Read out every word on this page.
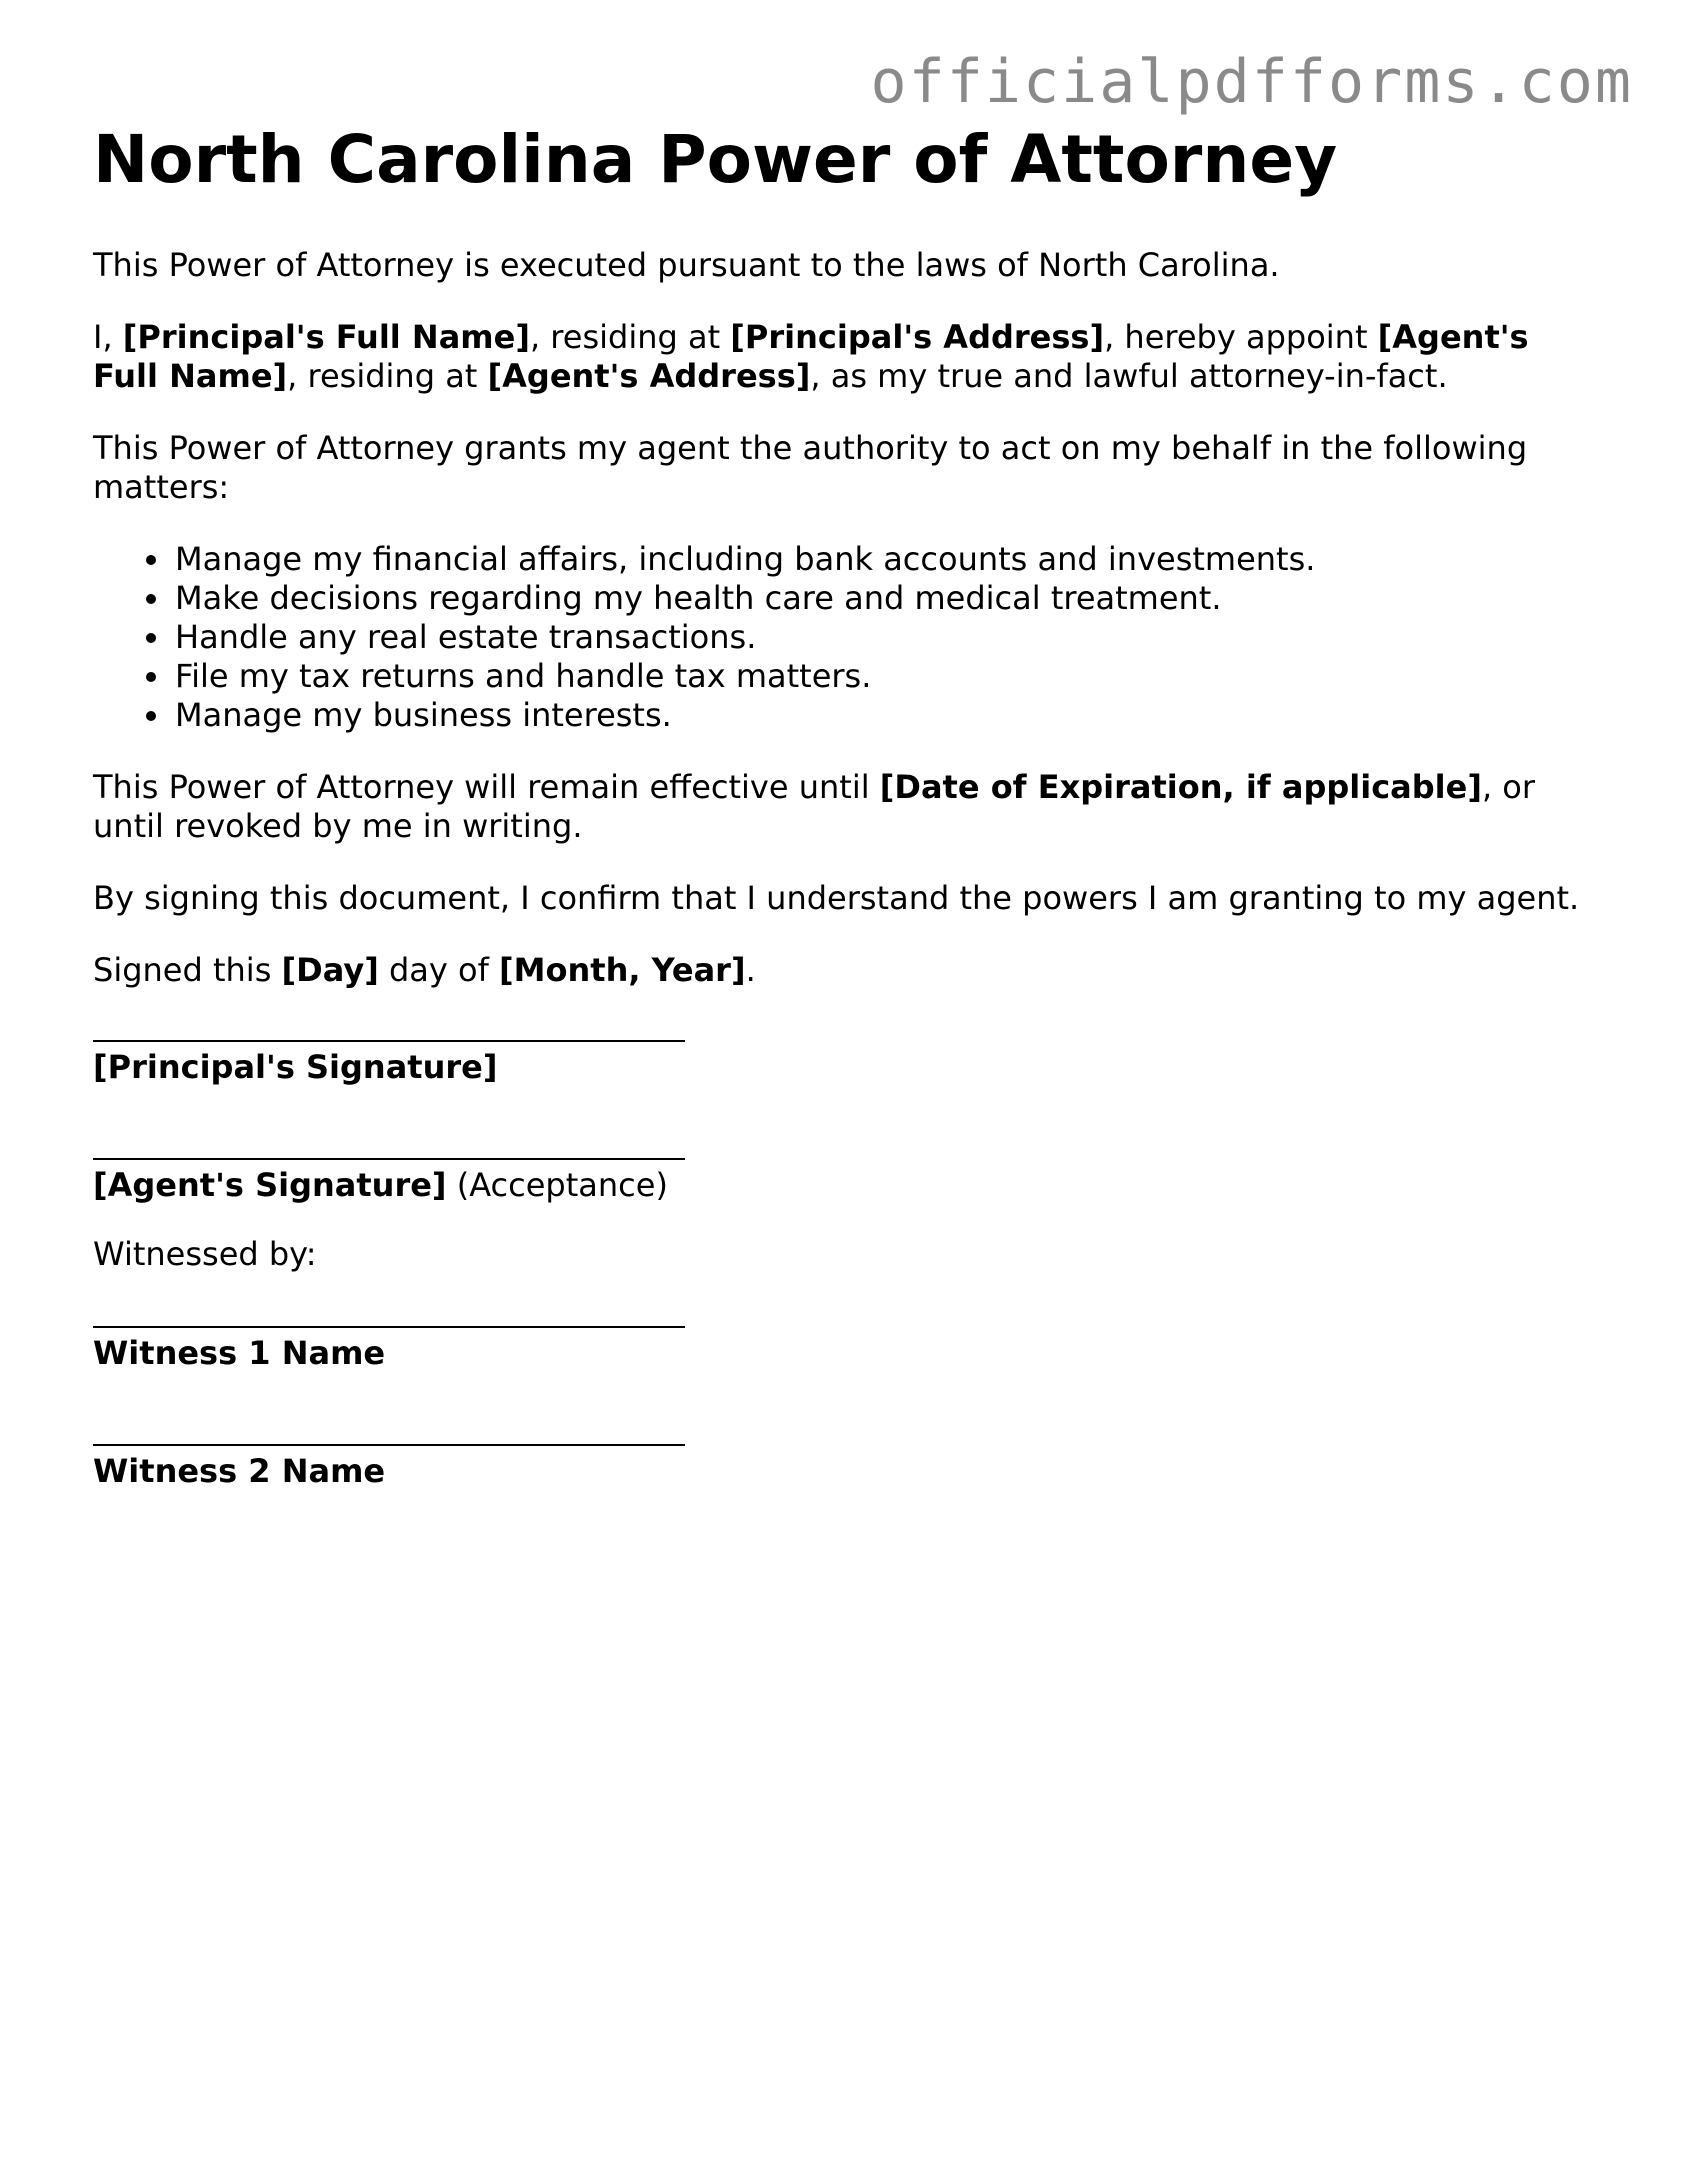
officialpdfforms.com
North Carolina Power of Attorney

This Power of Attorney is executed pursuant to the laws of North Carolina.

I, [Principal's Full Name], residing at [Principal's Address], hereby appoint [Agent's Full Name], residing at [Agent's Address], as my true and lawful attorney-in-fact.

This Power of Attorney grants my agent the authority to act on my behalf in the following matters:

• Manage my financial affairs, including bank accounts and investments.
• Make decisions regarding my health care and medical treatment.
• Handle any real estate transactions.
• File my tax returns and handle tax matters.
• Manage my business interests.

This Power of Attorney will remain effective until [Date of Expiration, if applicable], or until revoked by me in writing.

By signing this document, I confirm that I understand the powers I am granting to my agent.

Signed this [Day] day of [Month, Year].

[Principal's Signature]
[Agent's Signature] (Acceptance)
Witnessed by:
Witness 1 Name
Witness 2 Name
